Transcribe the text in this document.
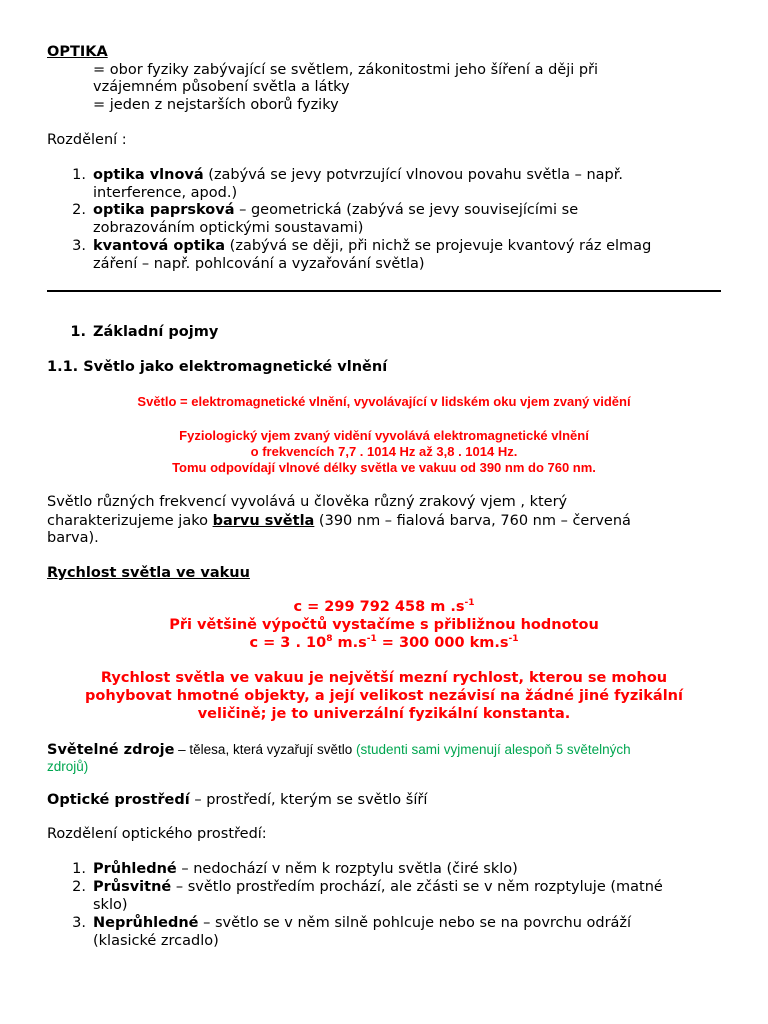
OPTIKA
= obor fyziky zabývající se světlem, zákonitostmi jeho šíření a ději při
vzájemném působení světla a látky
= jeden z nejstarších oborů fyziky
Rozdělení :
1. optika vlnová (zabývá se jevy potvrzující vlnovou povahu světla – např.
interference, apod.)
2. optika paprsková – geometrická (zabývá se jevy souvisejícími se
zobrazováním optickými soustavami)
3. kvantová optika (zabývá se ději, při nichž se projevuje kvantový ráz elmag
záření – např. pohlcování a vyzařování světla)
1. Základní pojmy
1.1. Světlo jako elektromagnetické vlnění
Světlo = elektromagnetické vlnění, vyvolávající v lidském oku vjem zvaný vidění
Fyziologický vjem zvaný vidění vyvolává elektromagnetické vlnění
o frekvencích 7,7 . 1014 Hz až 3,8 . 1014 Hz.
Tomu odpovídají vlnové délky světla ve vakuu od 390 nm do 760 nm.
Světlo různých frekvencí vyvolává u člověka různý zrakový vjem , který
charakterizujeme jako barvu světla (390 nm – fialová barva, 760 nm – červená
barva).
Rychlost světla ve vakuu
c = 299 792 458 m $.s^{-1}$
Při většině výpočtů vystačíme s přibližnou hodnotou
c = 3 . $10^8$ $m.s^{-1} = 300$ 000 $km.s^{-1}$
Rychlost světla ve vakuu je největší mezní rychlost, kterou se mohou
pohybovat hmotné objekty, a její velikost nezávisí na žádné jiné fyzikální
veličině; je to univerzální fyzikální konstanta.
Světelné zdroje – tělesa, která vyzařují světlo (studenti sami vyjmenují alespoň 5 světelných
zdrojů)
Optické prostředí – prostředí, kterým se světlo šíří
Rozdělení optického prostředí:
1. Průhledné – nedochází v něm k rozptylu světla (čiré sklo)
2. Průsvitné – světlo prostředím prochází, ale zčásti se v něm rozptyluje (matné
sklo)
3. Neprůhledné – světlo se v něm silně pohlcuje nebo se na povrchu odráží
(klasické zrcadlo)
